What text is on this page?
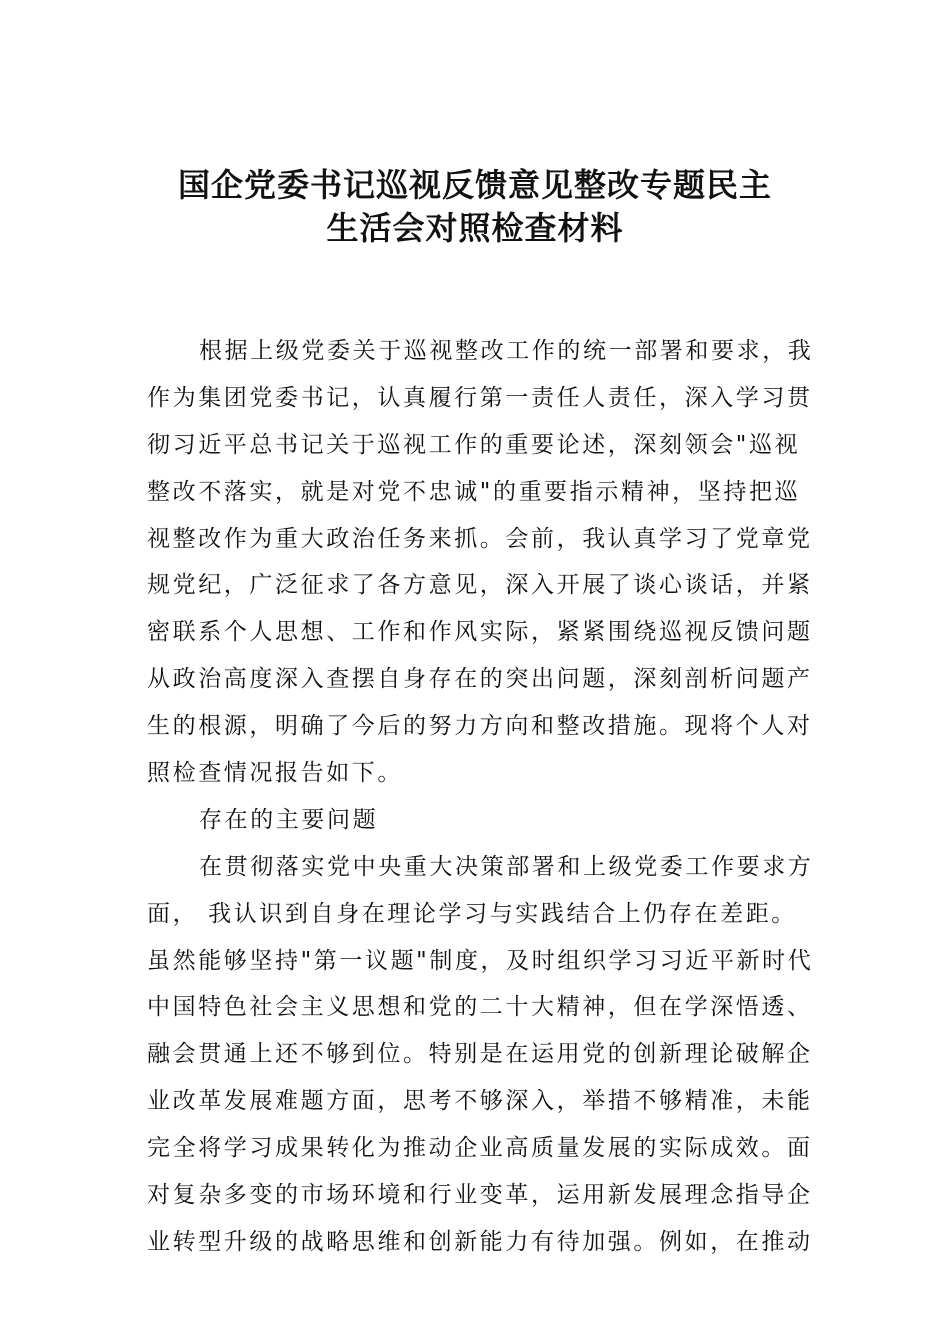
国企党委书记巡视反馈意见整改专题民主
生活会对照检查材料
根据上级党委关于巡视整改工作的统一部署和要求，我
作为集团党委书记，认真履行第一责任人责任，深入学习贯
彻习近平总书记关于巡视工作的重要论述，深刻领会"巡视
整改不落实，就是对党不忠诚"的重要指示精神，坚持把巡
视整改作为重大政治任务来抓。会前，我认真学习了党章党
规党纪，广泛征求了各方意见，深入开展了谈心谈话，并紧
密联系个人思想、工作和作风实际，紧紧围绕巡视反馈问题
从政治高度深入查摆自身存在的突出问题，深刻剖析问题产
生的根源，明确了今后的努力方向和整改措施。现将个人对
照检查情况报告如下。
存在的主要问题
在贯彻落实党中央重大决策部署和上级党委工作要求方
面， 我认识到自身在理论学习与实践结合上仍存在差距。
虽然能够坚持"第一议题"制度，及时组织学习习近平新时代
中国特色社会主义思想和党的二十大精神，但在学深悟透、
融会贯通上还不够到位。特别是在运用党的创新理论破解企
业改革发展难题方面，思考不够深入，举措不够精准，未能
完全将学习成果转化为推动企业高质量发展的实际成效。面
对复杂多变的市场环境和行业变革，运用新发展理念指导企
业转型升级的战略思维和创新能力有待加强。例如，在推动
